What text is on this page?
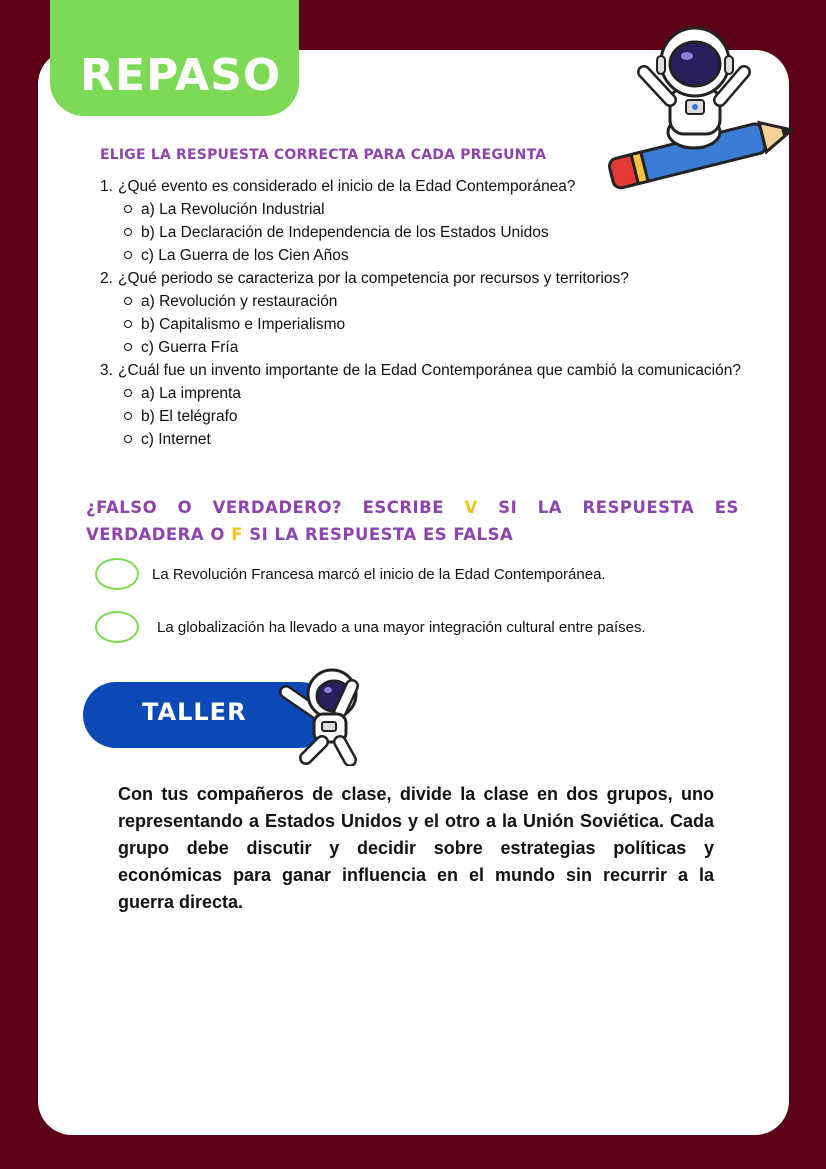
REPASO
ELIGE LA RESPUESTA CORRECTA PARA CADA PREGUNTA
1. ¿Qué evento es considerado el inicio de la Edad Contemporánea?
a) La Revolución Industrial
b) La Declaración de Independencia de los Estados Unidos
c) La Guerra de los Cien Años
2. ¿Qué periodo se caracteriza por la competencia por recursos y territorios?
a) Revolución y restauración
b) Capitalismo e Imperialismo
c) Guerra Fría
3. ¿Cuál fue un invento importante de la Edad Contemporánea que cambió la comunicación?
a) La imprenta
b) El telégrafo
c) Internet
¿FALSO O VERDADERO? ESCRIBE V SI LA RESPUESTA ES
VERDADERA O F SI LA RESPUESTA ES FALSA
La Revolución Francesa marcó el inicio de la Edad Contemporánea.
La globalización ha llevado a una mayor integración cultural entre países.
TALLER
Con tus compañeros de clase, divide la clase en dos grupos, uno representando a Estados Unidos y el otro a la Unión Soviética. Cada grupo debe discutir y decidir sobre estrategias políticas y económicas para ganar influencia en el mundo sin recurrir a la guerra directa.
